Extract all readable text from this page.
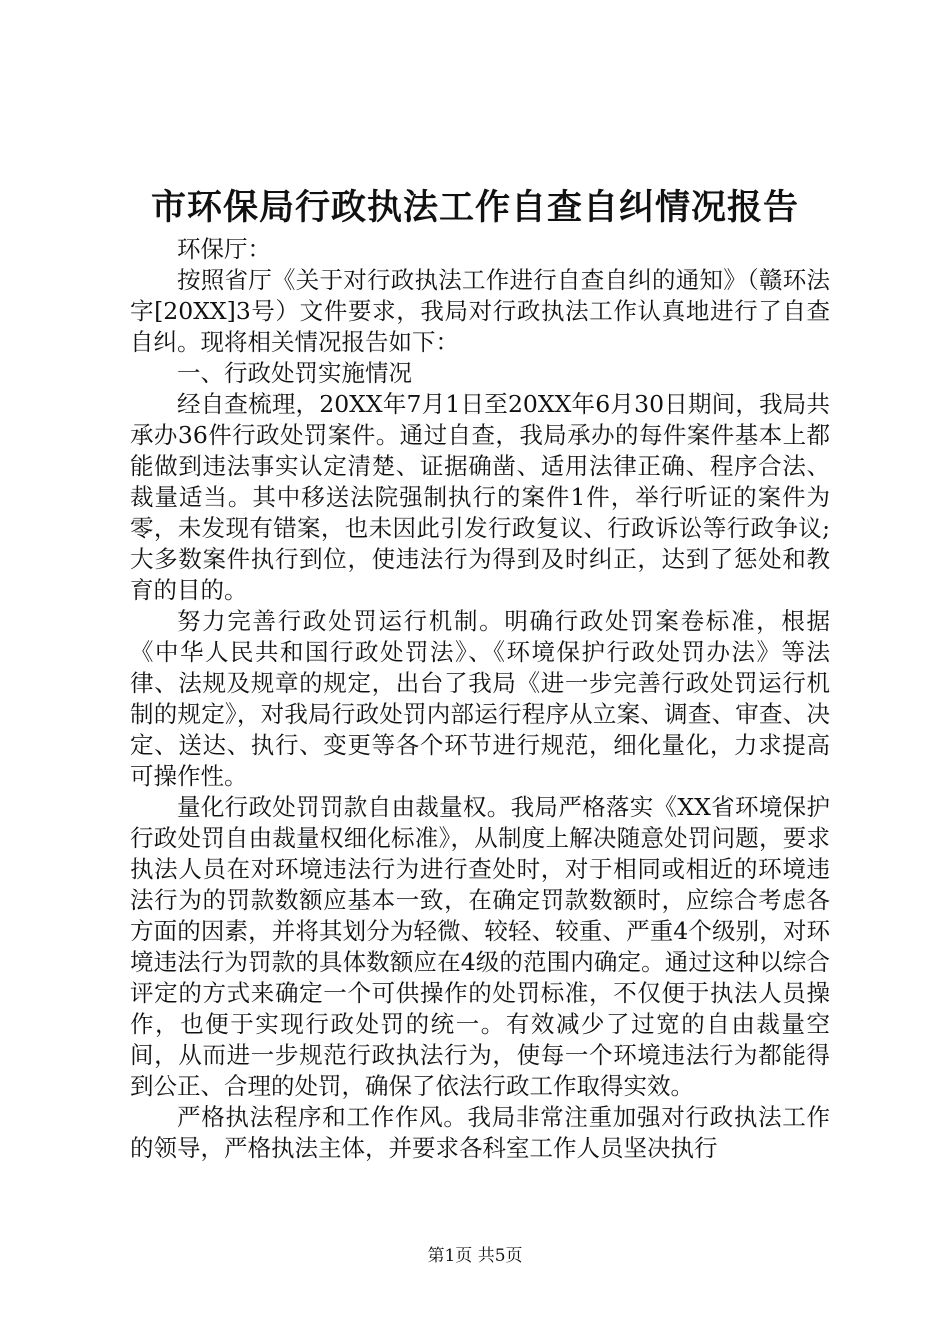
市环保局行政执法工作自查自纠情况报告

环保厅：

按照省厅《关于对行政执法工作进行自查自纠的通知》（赣环法字[20XX]3号）文件要求，我局对行政执法工作认真地进行了自查自纠。现将相关情况报告如下：

一、行政处罚实施情况

经自查梳理，20XX年7月1日至20XX年6月30日期间，我局共承办36件行政处罚案件。通过自查，我局承办的每件案件基本上都能做到违法事实认定清楚、证据确凿、适用法律正确、程序合法、裁量适当。其中移送法院强制执行的案件1件，举行听证的案件为零，未发现有错案，也未因此引发行政复议、行政诉讼等行政争议;大多数案件执行到位，使违法行为得到及时纠正，达到了惩处和教育的目的。

努力完善行政处罚运行机制。明确行政处罚案卷标准，根据《中华人民共和国行政处罚法》、《环境保护行政处罚办法》等法律、法规及规章的规定，出台了我局《进一步完善行政处罚运行机制的规定》，对我局行政处罚内部运行程序从立案、调查、审查、决定、送达、执行、变更等各个环节进行规范，细化量化，力求提高可操作性。

量化行政处罚罚款自由裁量权。我局严格落实《XX省环境保护行政处罚自由裁量权细化标准》，从制度上解决随意处罚问题，要求执法人员在对环境违法行为进行查处时，对于相同或相近的环境违法行为的罚款数额应基本一致，在确定罚款数额时，应综合考虑各方面的因素，并将其划分为轻微、较轻、较重、严重4个级别，对环境违法行为罚款的具体数额应在4级的范围内确定。通过这种以综合评定的方式来确定一个可供操作的处罚标准，不仅便于执法人员操作，也便于实现行政处罚的统一。有效减少了过宽的自由裁量空间，从而进一步规范行政执法行为，使每一个环境违法行为都能得到公正、合理的处罚，确保了依法行政工作取得实效。

严格执法程序和工作作风。我局非常注重加强对行政执法工作的领导，严格执法主体，并要求各科室工作人员坚决执行

第1页 共5页
